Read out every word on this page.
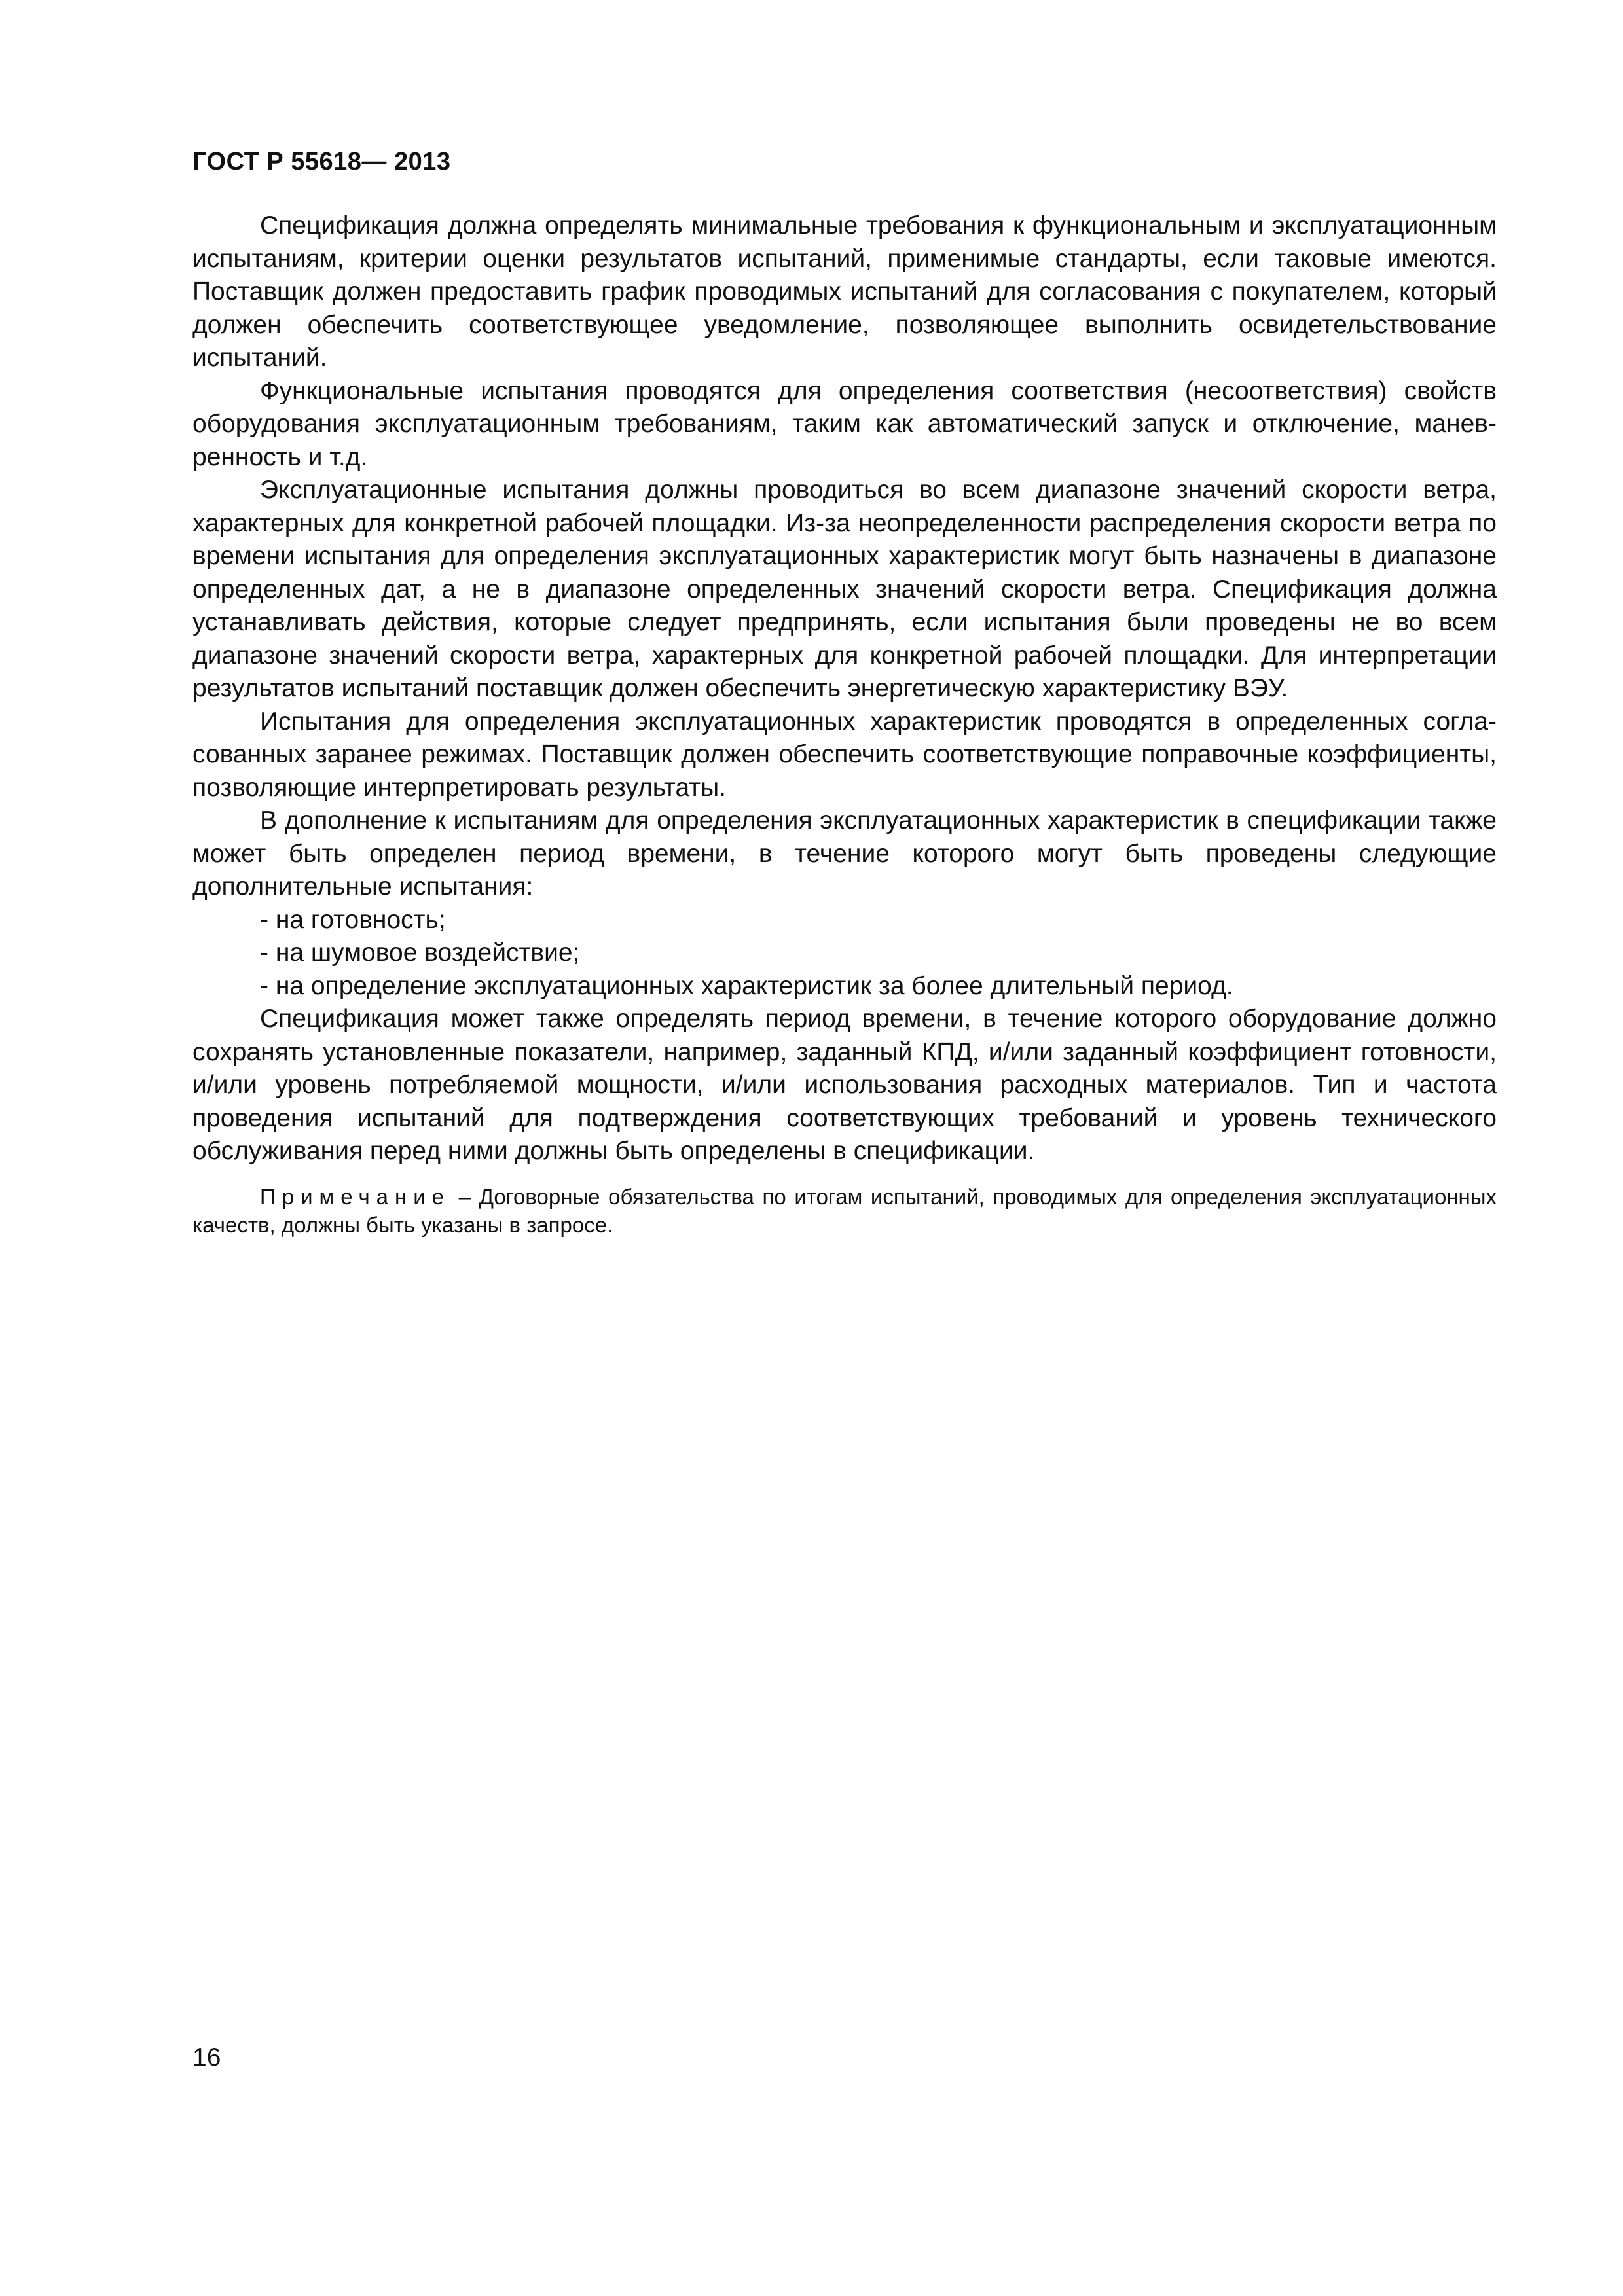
ГОСТ Р 55618— 2013

Спецификация должна определять минимальные требования к функциональным и эксплуатационным испытаниям, критерии оценки результатов испытаний, применимые стандарты, если таковые имеются. Поставщик должен предоставить график проводимых испытаний для согласования с покупателем, который должен обеспечить соответствующее уведомление, позволяющее выполнить освидетельствование испытаний.

Функциональные испытания проводятся для определения соответствия (несоответствия) свойств оборудования эксплуатационным требованиям, таким как автоматический запуск и отключение, маневренность и т.д.

Эксплуатационные испытания должны проводиться во всем диапазоне значений скорости ветра, характерных для конкретной рабочей площадки. Из-за неопределенности распределения скорости ветра по времени испытания для определения эксплуатационных характеристик могут быть назначены в диапазоне определенных дат, а не в диапазоне определенных значений скорости ветра. Спецификация должна устанавливать действия, которые следует предпринять, если испытания были проведены не во всем диапазоне значений скорости ветра, характерных для конкретной рабочей площадки. Для интерпретации результатов испытаний поставщик должен обеспечить энергетическую характеристику ВЭУ.

Испытания для определения эксплуатационных характеристик проводятся в определенных согласованных заранее режимах. Поставщик должен обеспечить соответствующие поправочные коэффициенты, позволяющие интерпретировать результаты.

В дополнение к испытаниям для определения эксплуатационных характеристик в спецификации также может быть определен период времени, в течение которого могут быть проведены следующие дополнительные испытания:

- на готовность;

- на шумовое воздействие;

- на определение эксплуатационных характеристик за более длительный период.

Спецификация может также определять период времени, в течение которого оборудование должно сохранять установленные показатели, например, заданный КПД, и/или заданный коэффициент готовности, и/или уровень потребляемой мощности, и/или использования расходных материалов. Тип и частота проведения испытаний для подтверждения соответствующих требований и уровень технического обслуживания перед ними должны быть определены в спецификации.

Примечание – Договорные обязательства по итогам испытаний, проводимых для определения эксплуатационных качеств, должны быть указаны в запросе.

16
